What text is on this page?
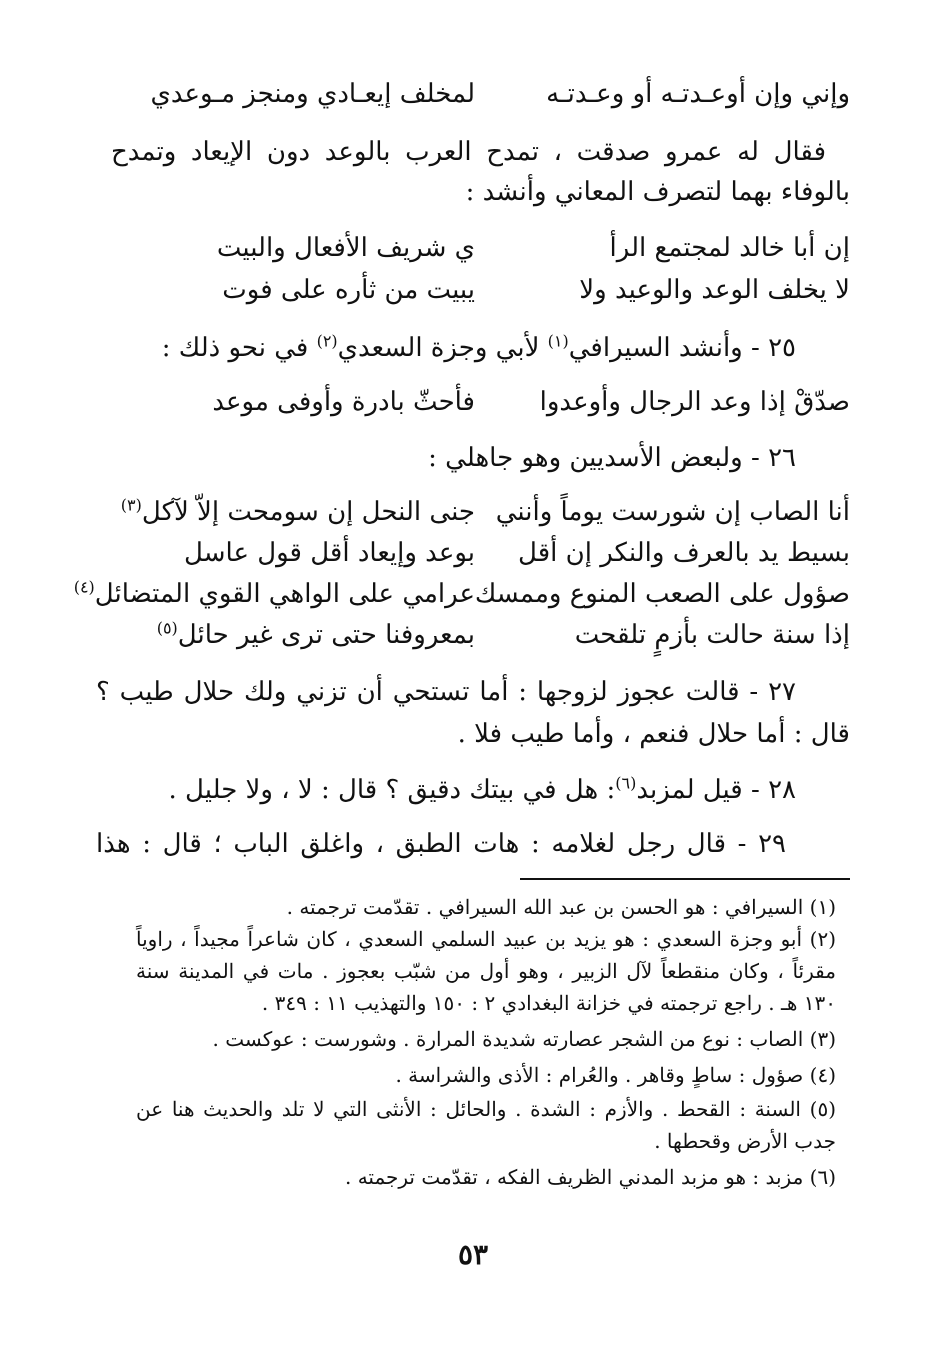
وإني وإن أوعـدتـه أو وعـدتـه
لمخلف إيعـادي ومنجز مـوعدي
فقال له عمرو صدقت ، تمدح العرب بالوعد دون الإيعاد وتمدح
بالوفاء بهما لتصرف المعاني وأنشد :
إن أبا خالد لمجتمع الرأ
ي شريف الأفعال والبيت
لا يخلف الوعد والوعيد ولا
يبيت من ثأره على فوت
٢٥ - وأنشد السيرافي$^{(١)}$ لأبي وجزة السعدي$^{(٢)}$ في نحو ذلك :
صدّقْ إذا وعد الرجال وأوعدوا
فأحثّ بادرة وأوفى موعد
٢٦ - ولبعض الأسديين وهو جاهلي :
أنا الصاب إن شورست يوماً وأنني
جنى النحل إن سومحت إلاّ لآكل$^{(٣)}$
بسيط يد بالعرف والنكر إن أقل
بوعد وإيعاد أقل قول عاسل
صؤول على الصعب المنوع وممسك
عرامي على الواهي القوي المتضائل$^{(٤)}$
إذا سنة حالت بأزمٍ تلقحت
بمعروفنا حتى ترى غير حائل$^{(٥)}$
٢٧ - قالت عجوز لزوجها : أما تستحي أن تزني ولك حلال طيب ؟
قال : أما حلال فنعم ، وأما طيب فلا .
٢٨ - قيل لمزبد$^{(٦)}$: هل في بيتك دقيق ؟ قال : لا ، ولا جليل .
٢٩ - قال رجل لغلامه : هات الطبق ، واغلق الباب ؛ قال : هذا
(١) السيرافي : هو الحسن بن عبد الله السيرافي . تقدّمت ترجمته .
(٢) أبو وجزة السعدي : هو يزيد بن عبيد السلمي السعدي ، كان شاعراً مجيداً ، راوياً
مقرئاً ، وكان منقطعاً لآل الزبير ، وهو أول من شبّب بعجوز . مات في المدينة سنة
١٣٠ هـ . راجع ترجمته في خزانة البغدادي ٢ : ١٥٠ والتهذيب ١١ : ٣٤٩ .
(٣) الصاب : نوع من الشجر عصارته شديدة المرارة . وشورست : عوكست .
(٤) صؤول : ساطٍ وقاهر . والعُرام : الأذى والشراسة .
(٥) السنة : القحط . والأزم : الشدة . والحائل : الأنثى التي لا تلد والحديث هنا عن
جدب الأرض وقحطها .
(٦) مزبد : هو مزبد المدني الظريف الفكه ، تقدّمت ترجمته .
٥٣
